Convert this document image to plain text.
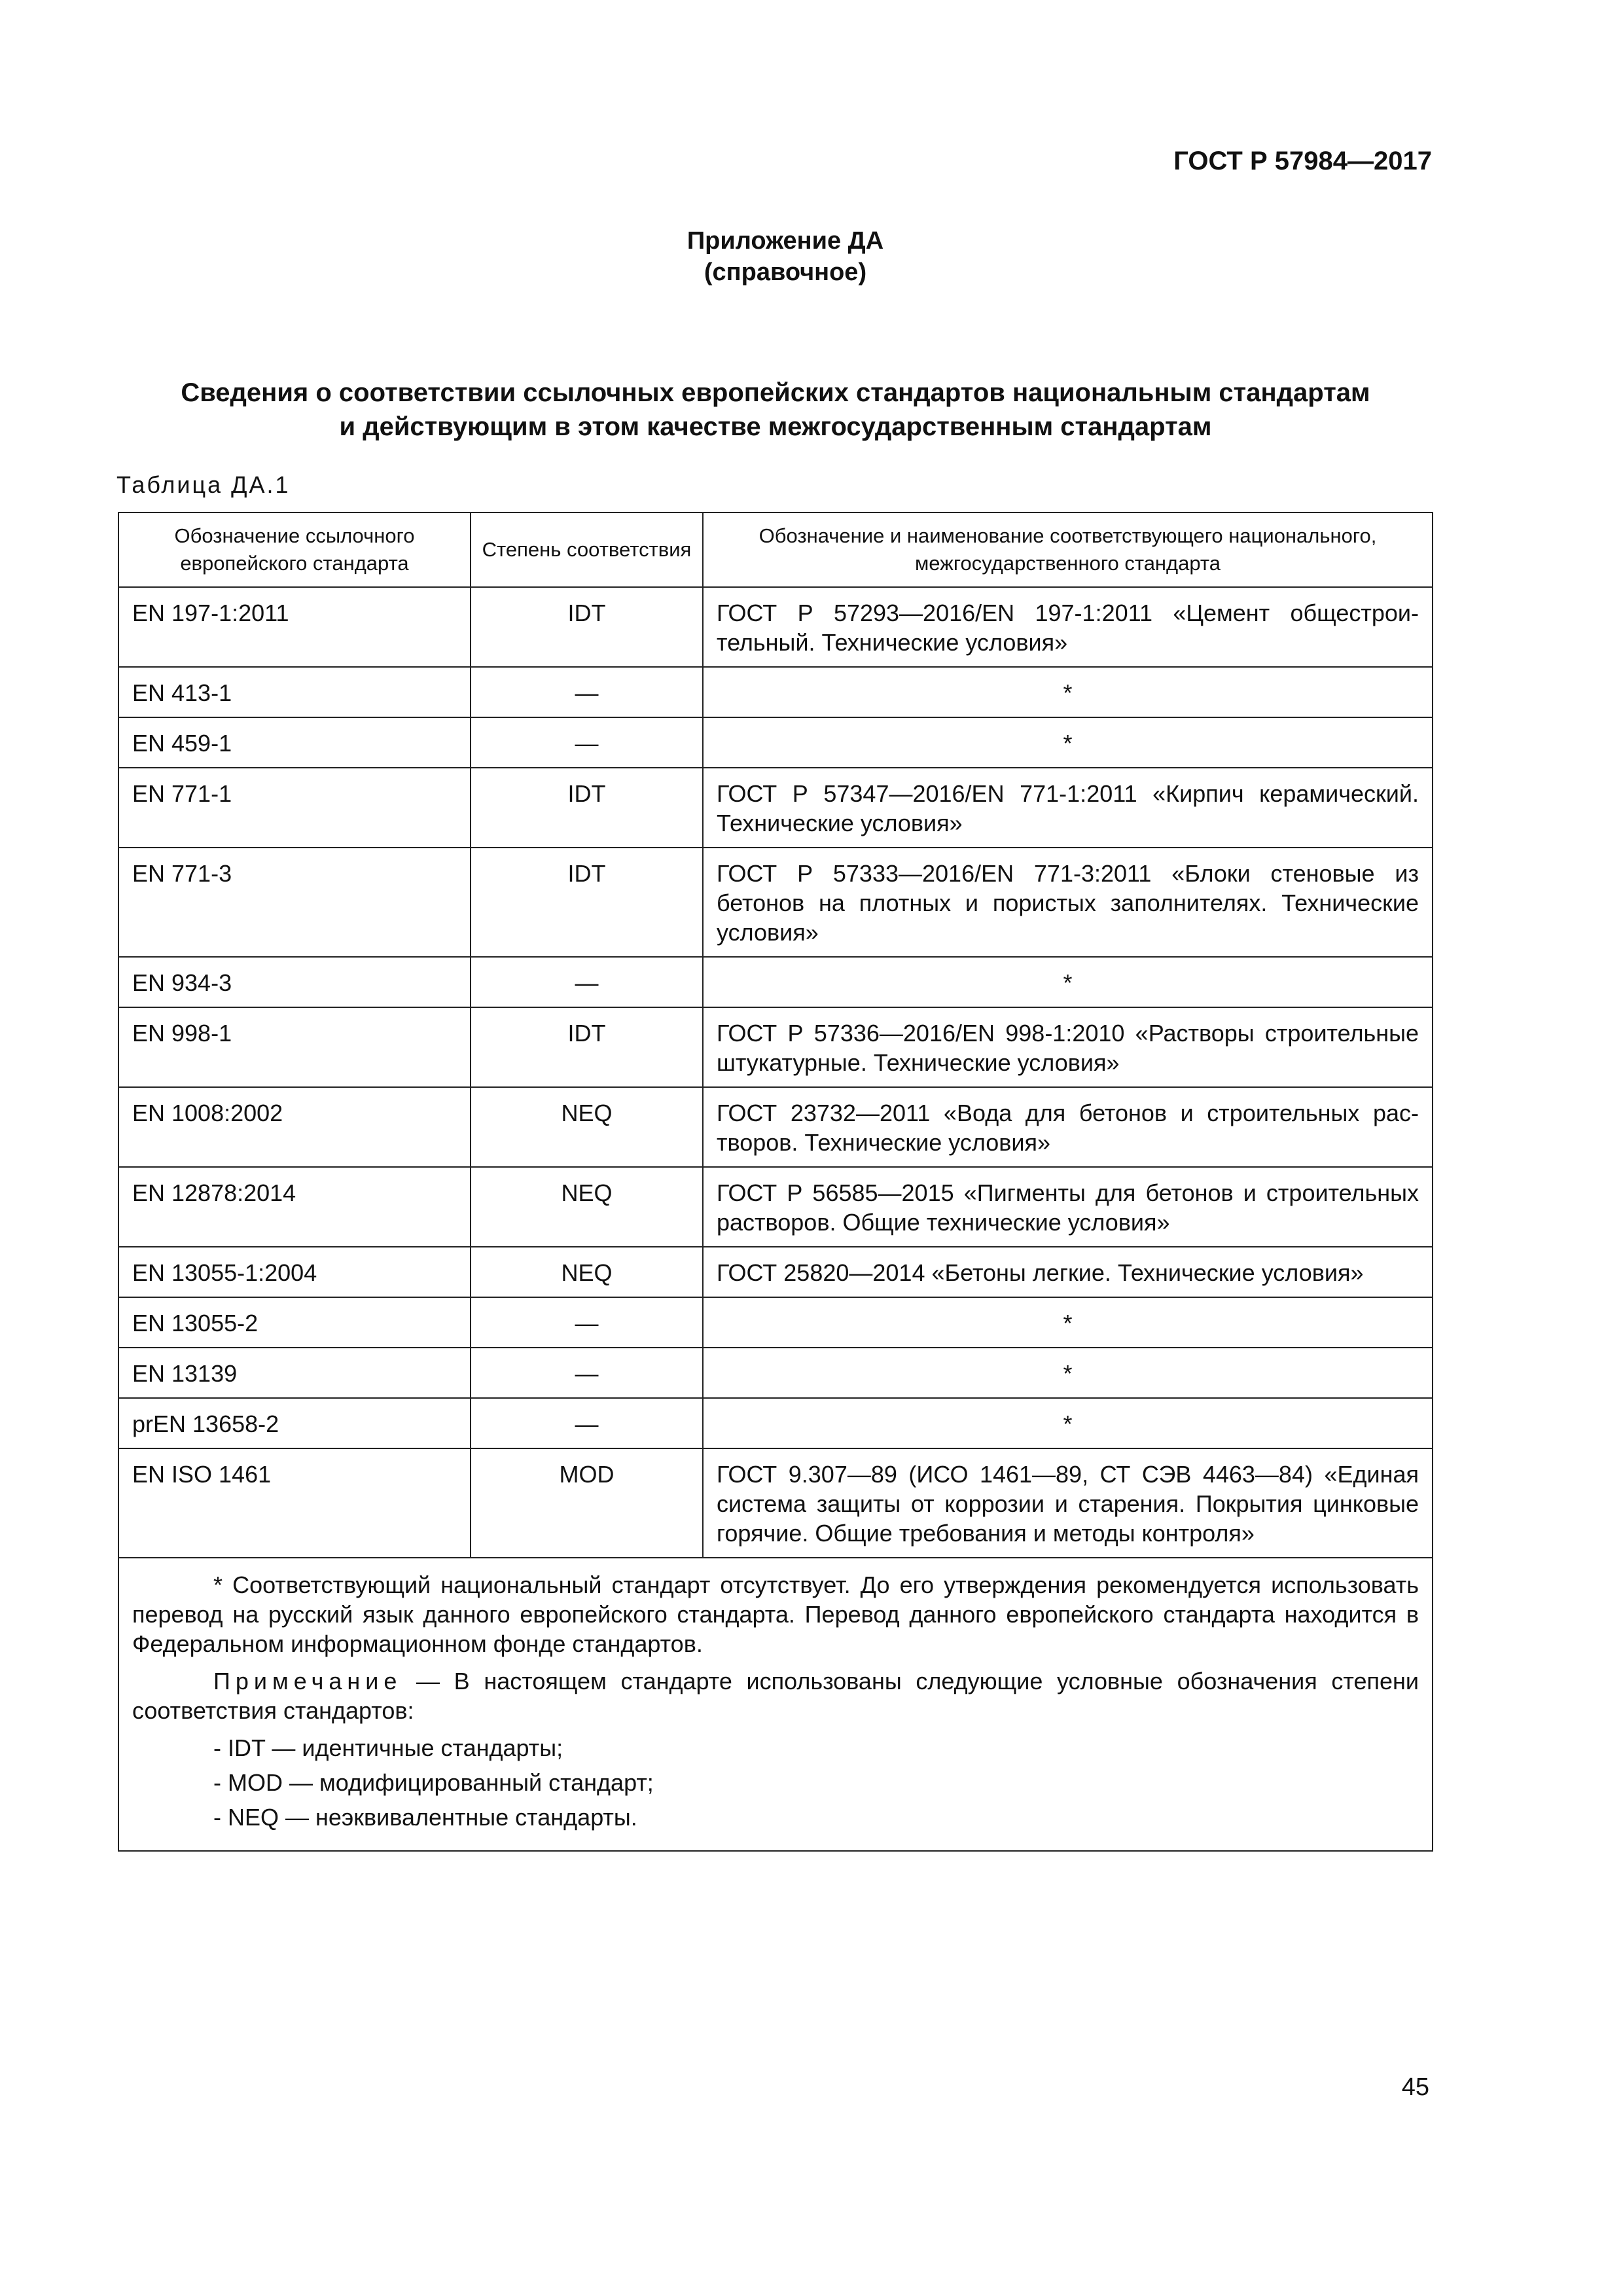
ГОСТ Р 57984—2017
Приложение ДА
(справочное)
Сведения о соответствии ссылочных европейских стандартов национальным стандартам
и действующим в этом качестве межгосударственным стандартам
Таблица ДА.1
Обозначение ссылочного европейского стандарта	Степень соответствия	Обозначение и наименование соответствующего национального, межгосударственного стандарта
EN 197-1:2011	IDT	ГОСТ Р 57293—2016/EN 197-1:2011 «Цемент общестроительный. Технические условия»
EN 413-1	—	*
EN 459-1	—	*
EN 771-1	IDT	ГОСТ Р 57347—2016/EN 771-1:2011 «Кирпич керамический. Технические условия»
EN 771-3	IDT	ГОСТ Р 57333—2016/EN 771-3:2011 «Блоки стеновые из бетонов на плотных и пористых заполнителях. Технические условия»
EN 934-3	—	*
EN 998-1	IDT	ГОСТ Р 57336—2016/EN 998-1:2010 «Растворы строительные штукатурные. Технические условия»
EN 1008:2002	NEQ	ГОСТ 23732—2011 «Вода для бетонов и строительных растворов. Технические условия»
EN 12878:2014	NEQ	ГОСТ Р 56585—2015 «Пигменты для бетонов и строительных растворов. Общие технические условия»
EN 13055-1:2004	NEQ	ГОСТ 25820—2014 «Бетоны легкие. Технические условия»
EN 13055-2	—	*
EN 13139	—	*
prEN 13658-2	—	*
EN ISO 1461	MOD	ГОСТ 9.307—89 (ИСО 1461—89, СТ СЭВ 4463—84) «Единая система защиты от коррозии и старения. Покрытия цинковые горячие. Общие требования и методы контроля»

* Соответствующий национальный стандарт отсутствует. До его утверждения рекомендуется использовать перевод на русский язык данного европейского стандарта. Перевод данного европейского стандарта находится в Федеральном информационном фонде стандартов.

Примечание — В настоящем стандарте использованы следующие условные обозначения степени соответствия стандартов:

- IDT — идентичные стандарты;

- MOD — модифицированный стандарт;

- NEQ — неэквивалентные стандарты.		

45
